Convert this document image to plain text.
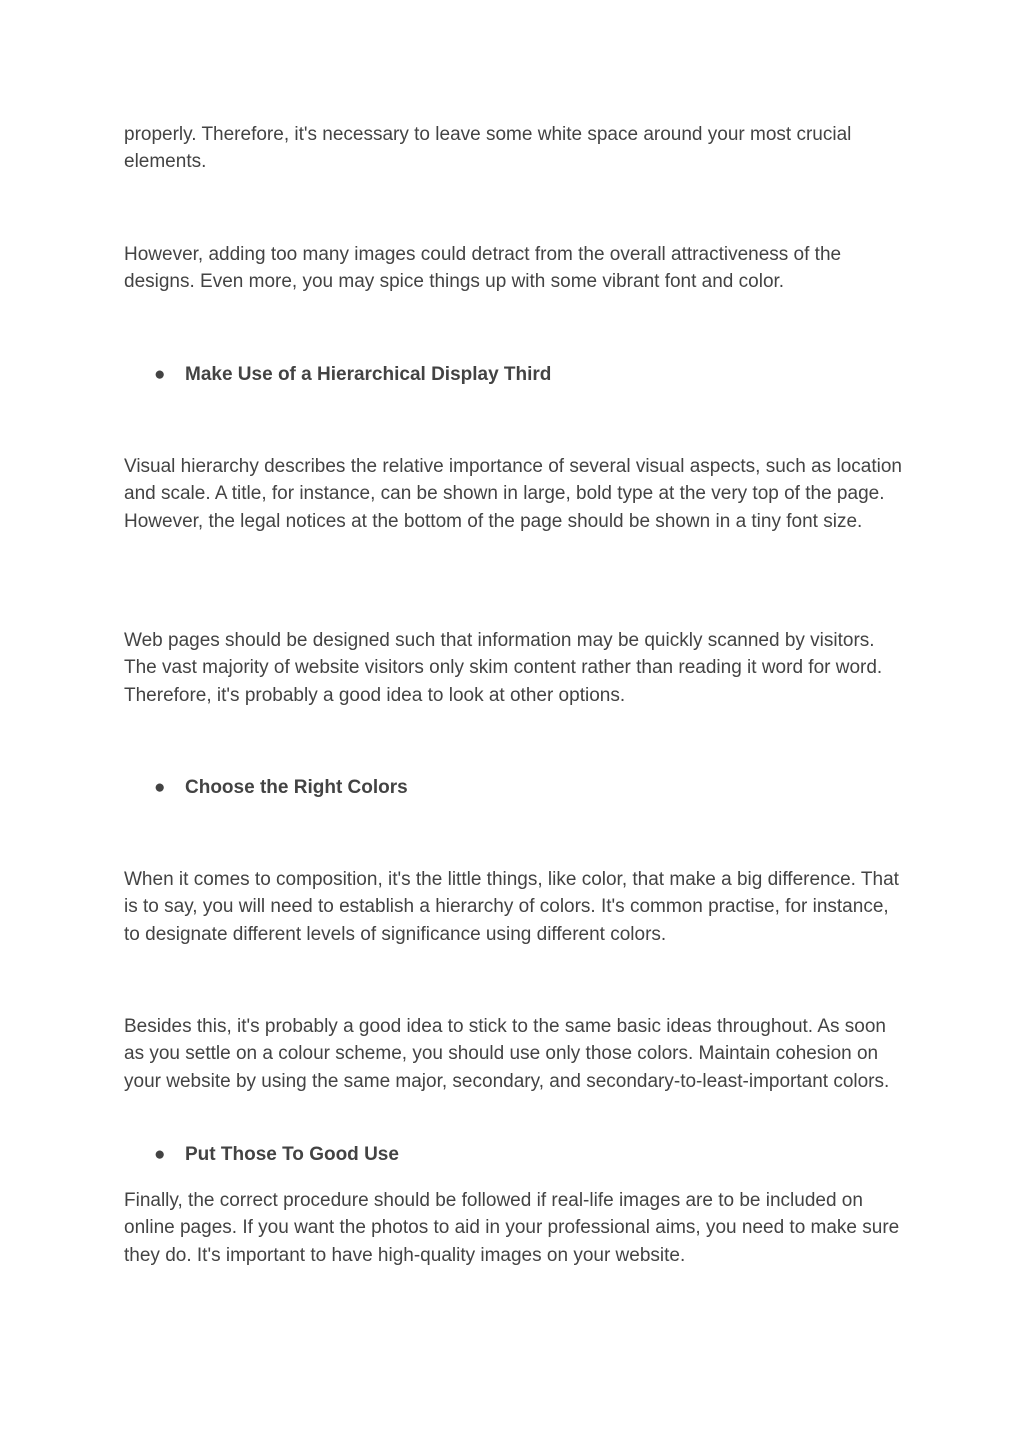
properly. Therefore, it's necessary to leave some white space around your most crucial elements.

However, adding too many images could detract from the overall attractiveness of the designs. Even more, you may spice things up with some vibrant font and color.

● Make Use of a Hierarchical Display Third

Visual hierarchy describes the relative importance of several visual aspects, such as location and scale. A title, for instance, can be shown in large, bold type at the very top of the page. However, the legal notices at the bottom of the page should be shown in a tiny font size.

Web pages should be designed such that information may be quickly scanned by visitors. The vast majority of website visitors only skim content rather than reading it word for word. Therefore, it's probably a good idea to look at other options.

● Choose the Right Colors

When it comes to composition, it's the little things, like color, that make a big difference. That is to say, you will need to establish a hierarchy of colors. It's common practise, for instance, to designate different levels of significance using different colors.

Besides this, it's probably a good idea to stick to the same basic ideas throughout. As soon as you settle on a colour scheme, you should use only those colors. Maintain cohesion on your website by using the same major, secondary, and secondary-to-least-important colors.

● Put Those To Good Use

Finally, the correct procedure should be followed if real-life images are to be included on online pages. If you want the photos to aid in your professional aims, you need to make sure they do. It's important to have high-quality images on your website.
